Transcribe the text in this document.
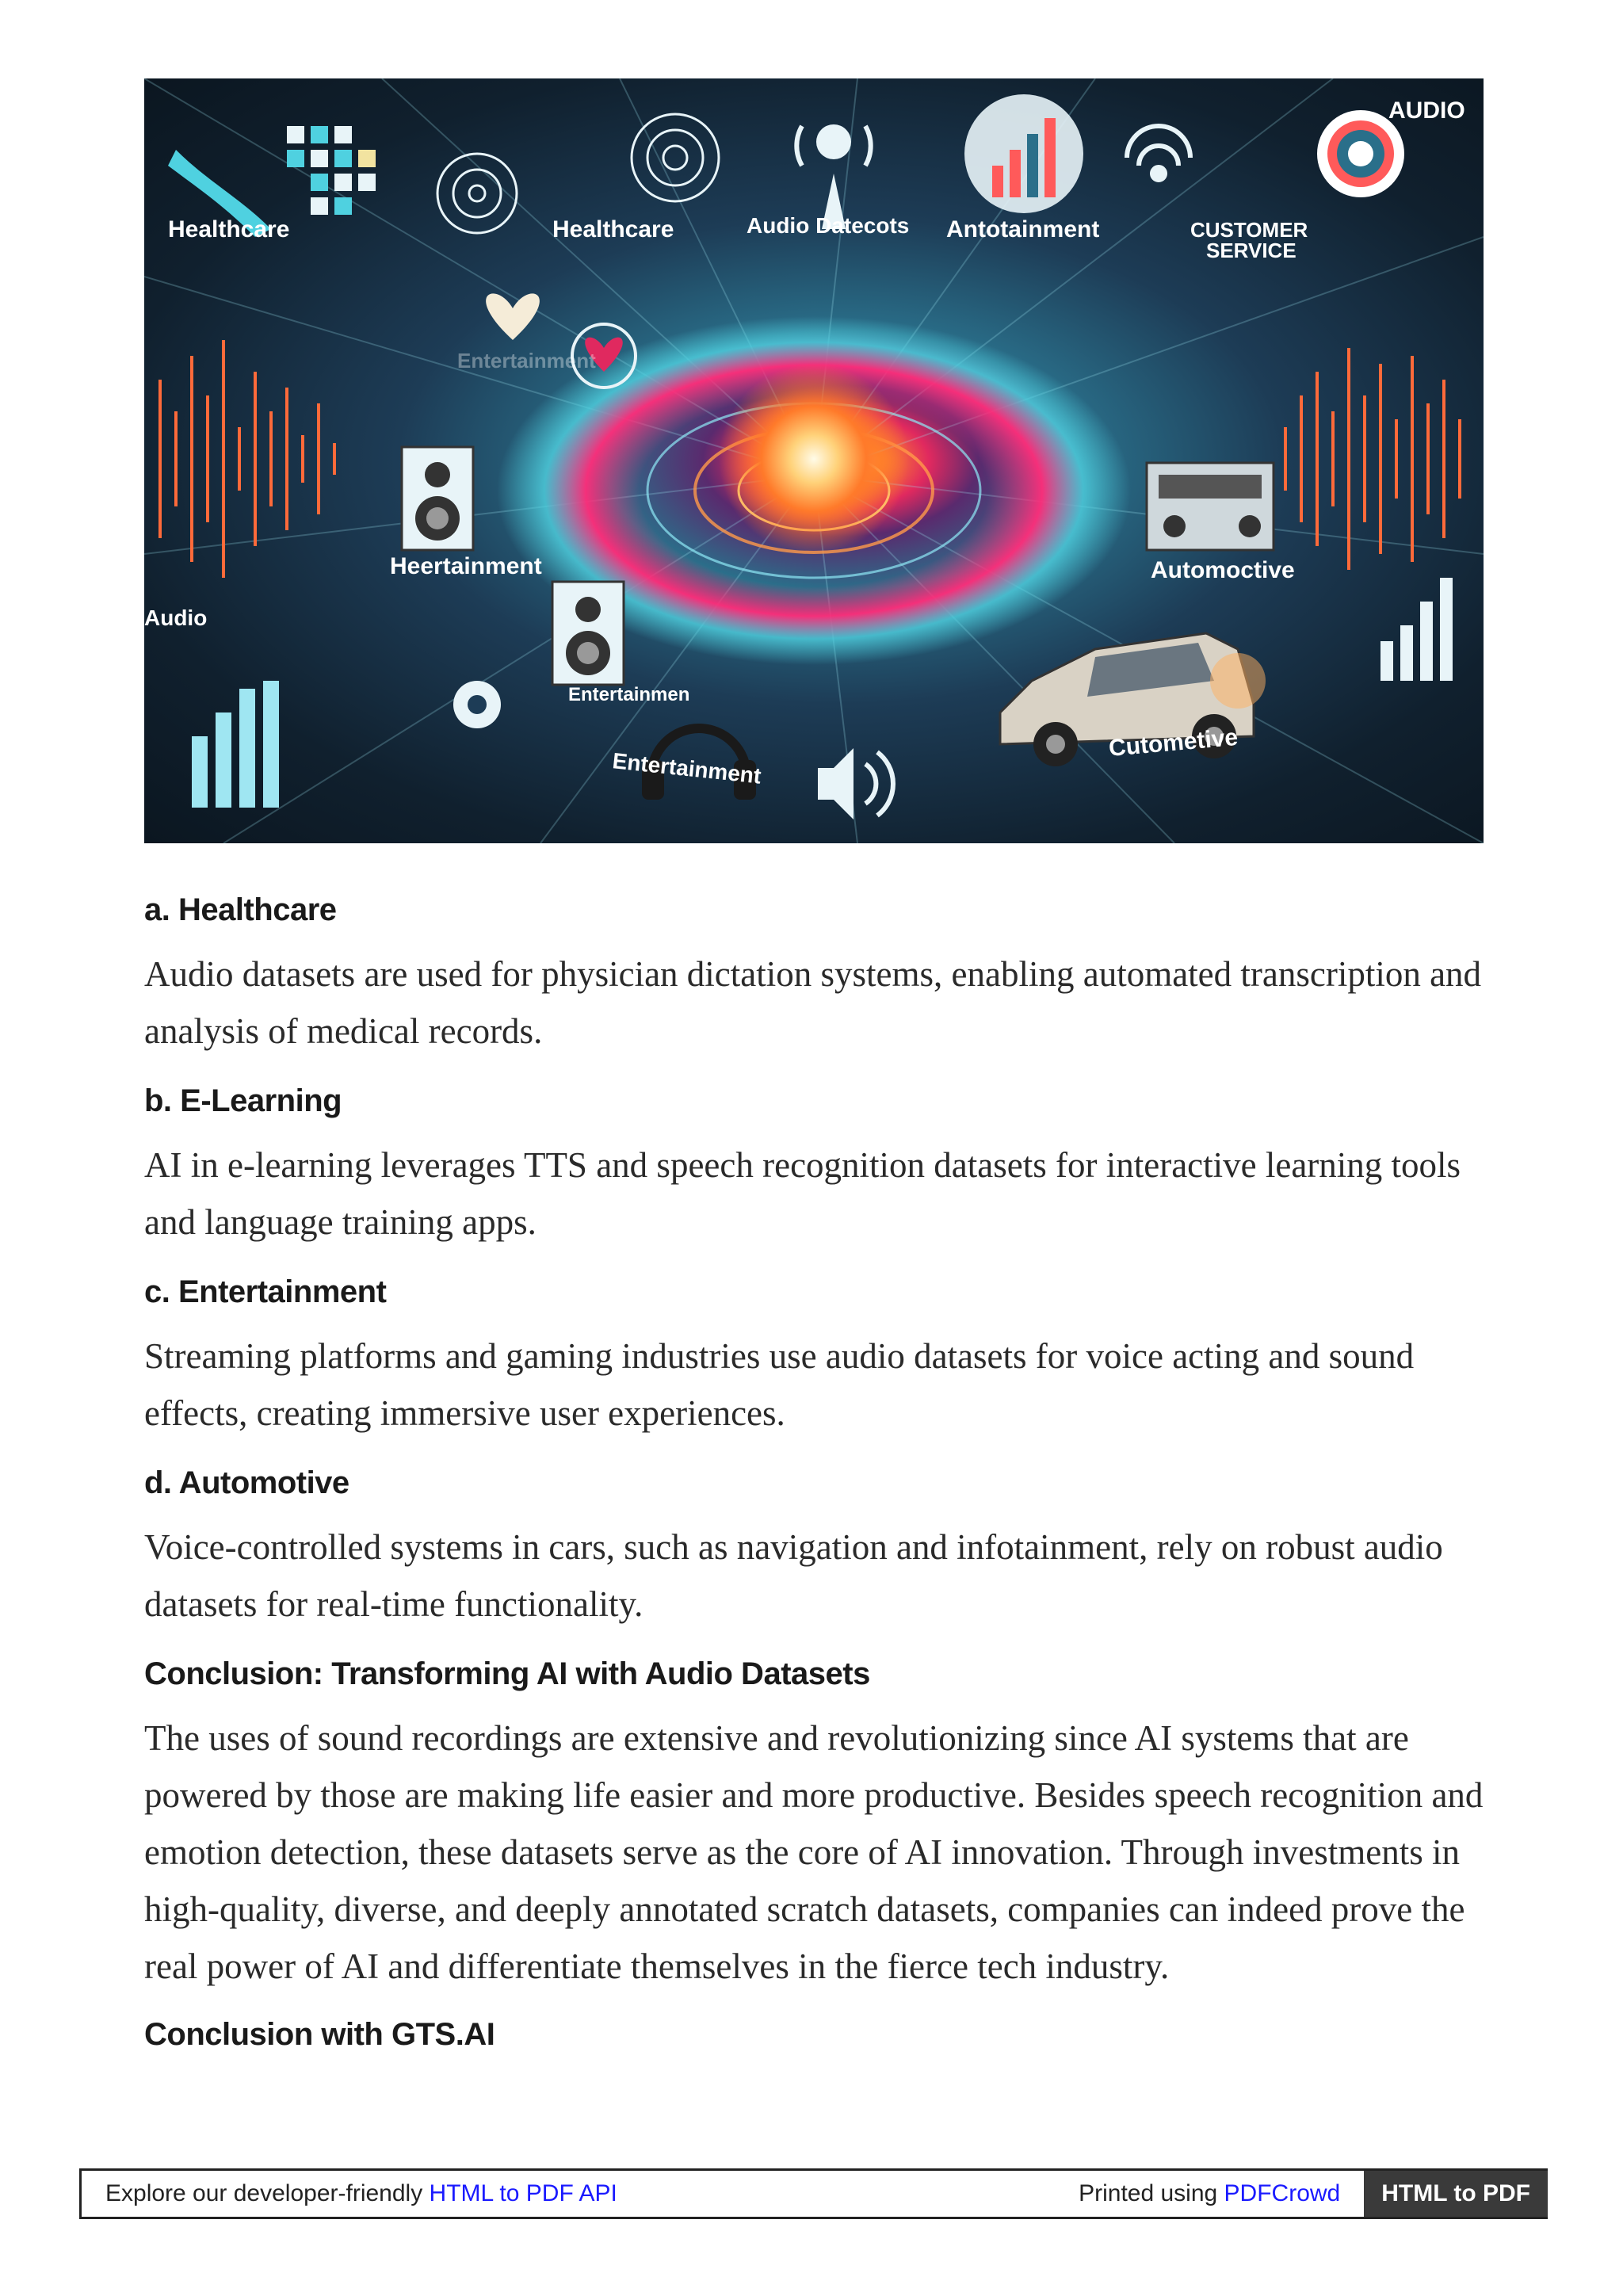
Healthcare	Healthcare	Audio Datecots Antotainment	CUSTOMER
SERVICE
AUDIO
Entertainment
Heertainment	Automoctive
Audio
Entertainmen
Entertainment
Cutometive
a. Healthcare

Audio datasets are used for physician dictation systems, enabling automated transcription and analysis of medical records.

b. E-Learning

AI in e-learning leverages TTS and speech recognition datasets for interactive learning tools and language training apps.

c. Entertainment

Streaming platforms and gaming industries use audio datasets for voice acting and sound effects, creating immersive user experiences.

d. Automotive

Voice-controlled systems in cars, such as navigation and infotainment, rely on robust audio datasets for real-time functionality.

Conclusion: Transforming AI with Audio Datasets

The uses of sound recordings are extensive and revolutionizing since AI systems that are powered by those are making life easier and more productive. Besides speech recognition and emotion detection, these datasets serve as the core of AI innovation. Through investments in high-quality, diverse, and deeply annotated scratch datasets, companies can indeed prove the real power of AI and differentiate themselves in the fierce tech industry.

Conclusion with GTS.AI
Explore our developer-friendly HTML to PDF API	Printed using PDFCrowd	HTML to PDF
